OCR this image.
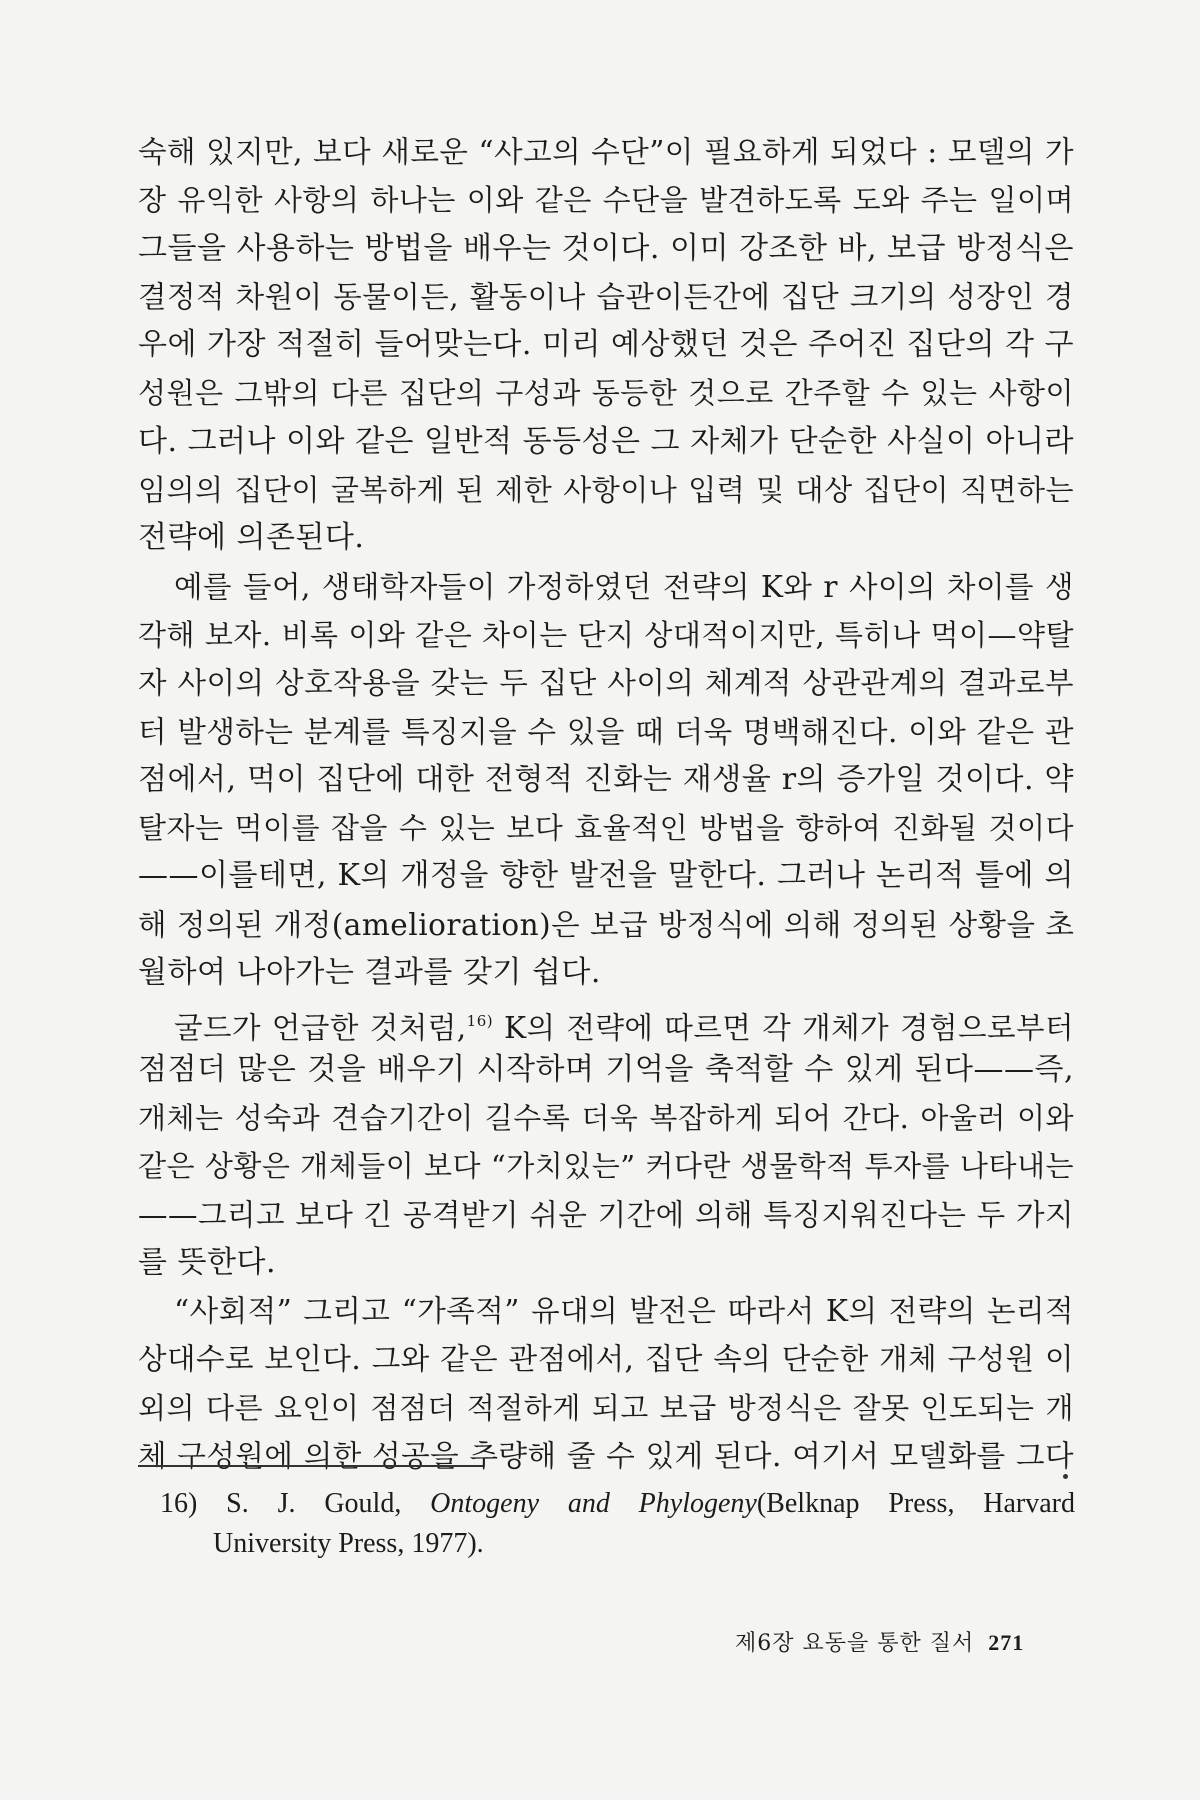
숙해 있지만, 보다 새로운 “사고의 수단”이 필요하게 되었다 : 모델의 가
장 유익한 사항의 하나는 이와 같은 수단을 발견하도록 도와 주는 일이며
그들을 사용하는 방법을 배우는 것이다. 이미 강조한 바, 보급 방정식은
결정적 차원이 동물이든, 활동이나 습관이든간에 집단 크기의 성장인 경
우에 가장 적절히 들어맞는다. 미리 예상했던 것은 주어진 집단의 각 구
성원은 그밖의 다른 집단의 구성과 동등한 것으로 간주할 수 있는 사항이
다. 그러나 이와 같은 일반적 동등성은 그 자체가 단순한 사실이 아니라
임의의 집단이 굴복하게 된 제한 사항이나 입력 및 대상 집단이 직면하는
전략에 의존된다.
예를 들어, 생태학자들이 가정하였던 전략의 K와 r 사이의 차이를 생
각해 보자. 비록 이와 같은 차이는 단지 상대적이지만, 특히나 먹이—약탈
자 사이의 상호작용을 갖는 두 집단 사이의 체계적 상관관계의 결과로부
터 발생하는 분계를 특징지을 수 있을 때 더욱 명백해진다. 이와 같은 관
점에서, 먹이 집단에 대한 전형적 진화는 재생율 r의 증가일 것이다. 약
탈자는 먹이를 잡을 수 있는 보다 효율적인 방법을 향하여 진화될 것이다
——이를테면, K의 개정을 향한 발전을 말한다. 그러나 논리적 틀에 의
해 정의된 개정(amelioration)은 보급 방정식에 의해 정의된 상황을 초
월하여 나아가는 결과를 갖기 쉽다.
굴드가 언급한 것처럼,$^{16)}$ K의 전략에 따르면 각 개체가 경험으로부터
점점더 많은 것을 배우기 시작하며 기억을 축적할 수 있게 된다——즉,
개체는 성숙과 견습기간이 길수록 더욱 복잡하게 되어 간다. 아울러 이와
같은 상황은 개체들이 보다 “가치있는” 커다란 생물학적 투자를 나타내는
——그리고 보다 긴 공격받기 쉬운 기간에 의해 특징지워진다는 두 가지
를 뜻한다.
“사회적” 그리고 “가족적” 유대의 발전은 따라서 K의 전략의 논리적
상대수로 보인다. 그와 같은 관점에서, 집단 속의 단순한 개체 구성원 이
외의 다른 요인이 점점더 적절하게 되고 보급 방정식은 잘못 인도되는 개
체 구성원에 의한 성공을 추량해 줄 수 있게 된다. 여기서 모델화를 그다
16) S. J. Gould, Ontogeny and Phylogeny(Belknap Press, Harvard
University Press, 1977).
제6장 요동을 통한 질서 271
